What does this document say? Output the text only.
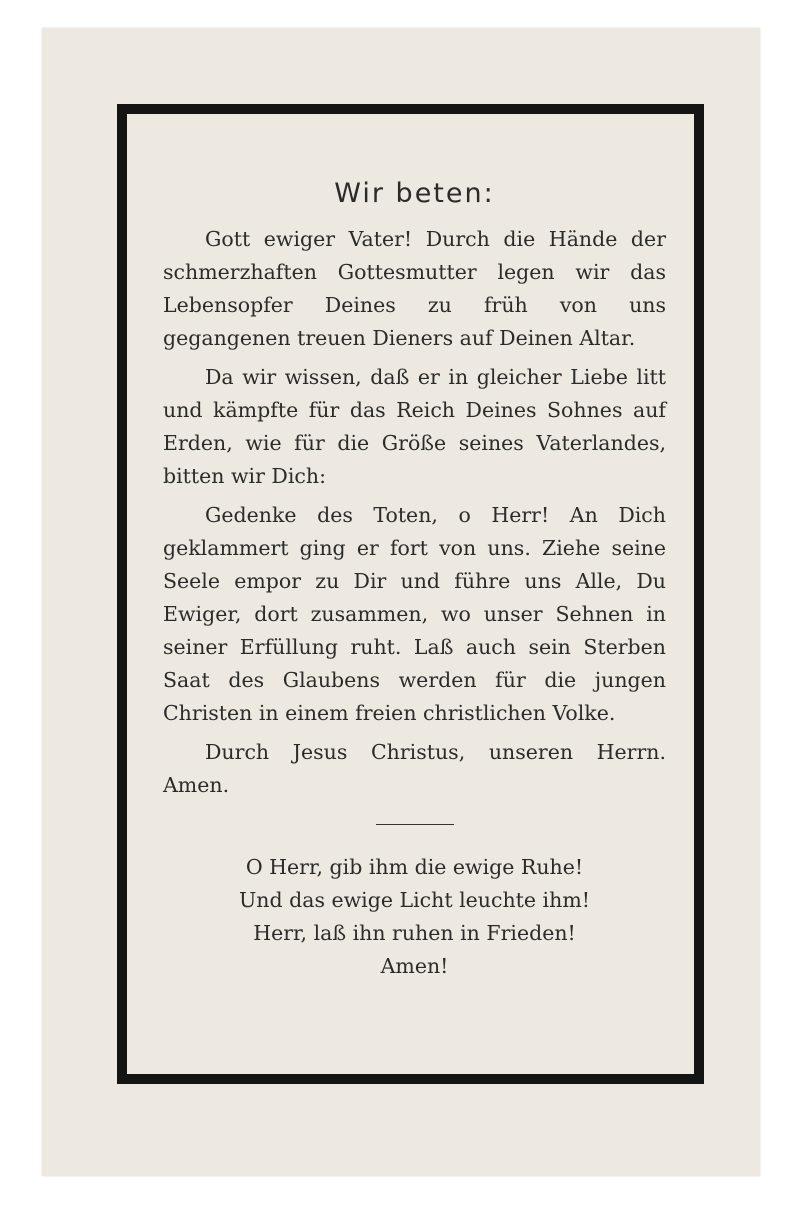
Wir beten:

Gott ewiger Vater! Durch die Hände der schmerzhaften Gottesmutter legen wir das Lebensopfer Deines zu früh von uns gegangenen treuen Dieners auf Deinen Altar.

Da wir wissen, daß er in gleicher Liebe litt und kämpfte für das Reich Deines Sohnes auf Erden, wie für die Größe seines Vaterlandes, bitten wir Dich:

Gedenke des Toten, o Herr! An Dich geklammert ging er fort von uns. Ziehe seine Seele empor zu Dir und führe uns Alle, Du Ewiger, dort zusammen, wo unser Sehnen in seiner Erfüllung ruht. Laß auch sein Sterben Saat des Glaubens werden für die jungen Christen in einem freien christlichen Volke.

Durch Jesus Christus, unseren Herrn. Amen.

O Herr, gib ihm die ewige Ruhe!
Und das ewige Licht leuchte ihm!
Herr, laß ihn ruhen in Frieden!
Amen!
